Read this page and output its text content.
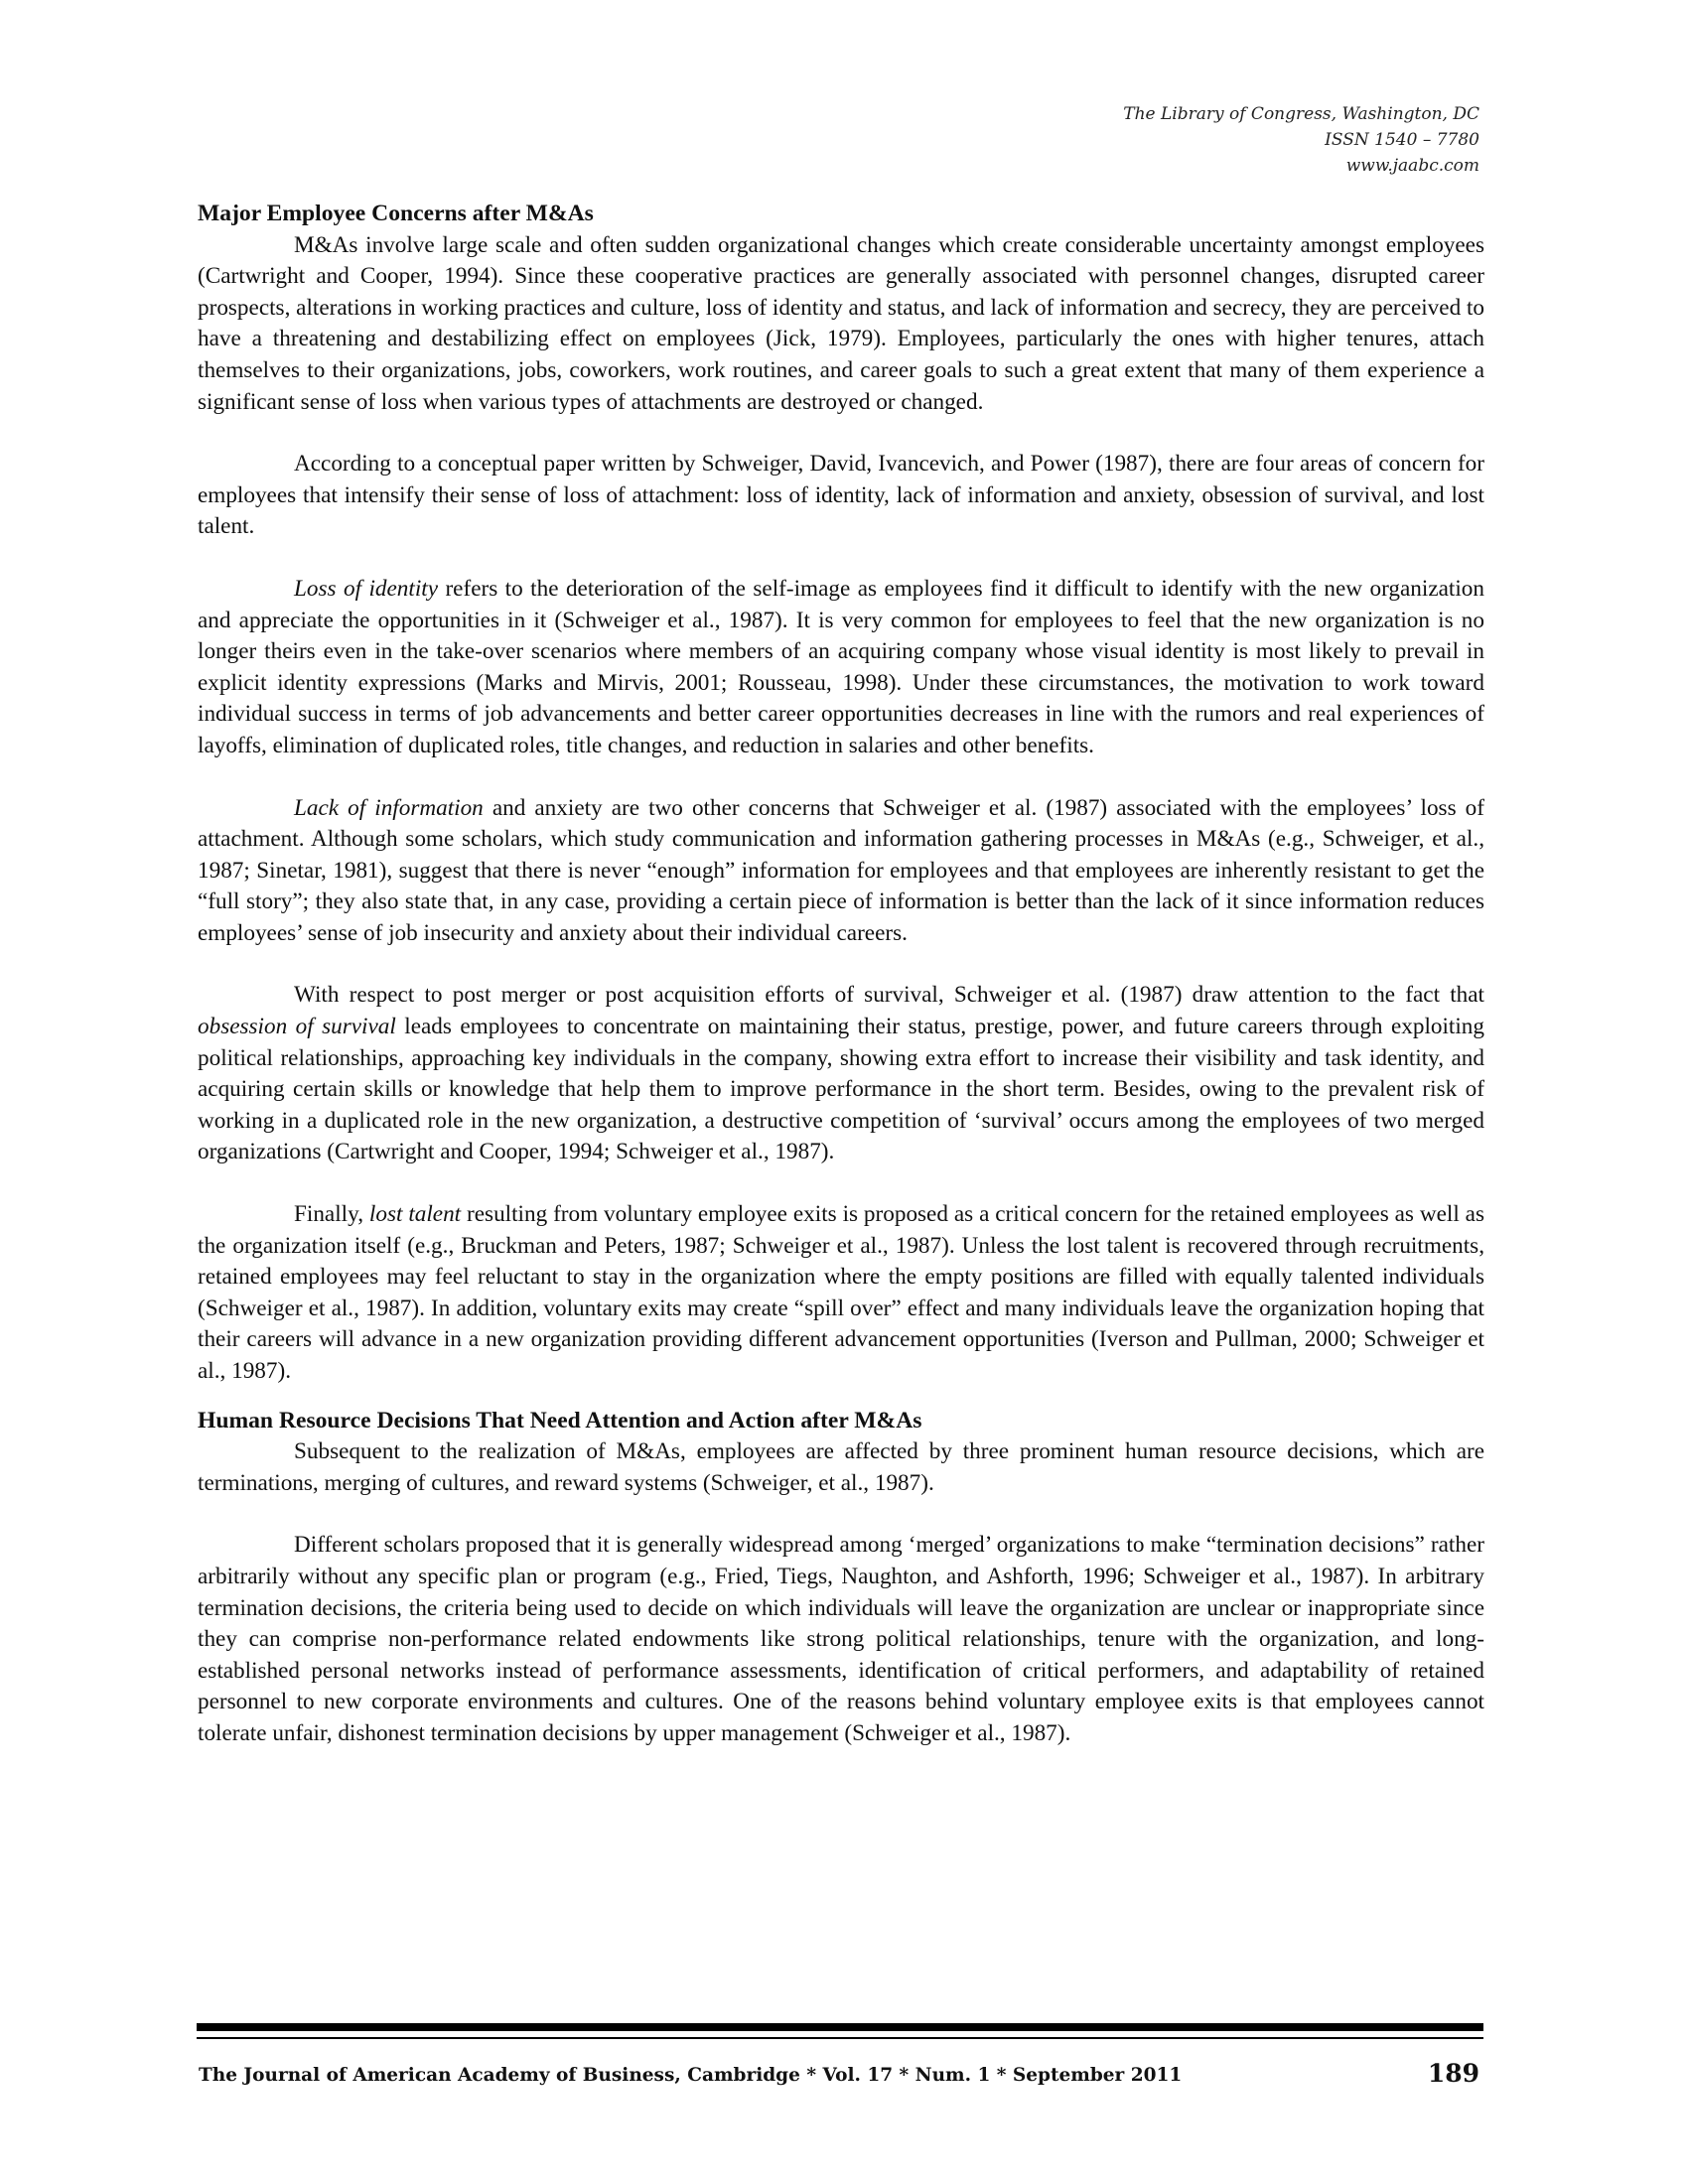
The Library of Congress, Washington, DC
ISSN 1540 – 7780
www.jaabc.com
Major Employee Concerns after M&As

M&As involve large scale and often sudden organizational changes which create considerable uncertainty amongst employees (Cartwright and Cooper, 1994). Since these cooperative practices are generally associated with personnel changes, disrupted career prospects, alterations in working practices and culture, loss of identity and status, and lack of information and secrecy, they are perceived to have a threatening and destabilizing effect on employees (Jick, 1979). Employees, particularly the ones with higher tenures, attach themselves to their organizations, jobs, coworkers, work routines, and career goals to such a great extent that many of them experience a significant sense of loss when various types of attachments are destroyed or changed.

According to a conceptual paper written by Schweiger, David, Ivancevich, and Power (1987), there are four areas of concern for employees that intensify their sense of loss of attachment: loss of identity, lack of information and anxiety, obsession of survival, and lost talent.

Loss of identity refers to the deterioration of the self-image as employees find it difficult to identify with the new organization and appreciate the opportunities in it (Schweiger et al., 1987). It is very common for employees to feel that the new organization is no longer theirs even in the take-over scenarios where members of an acquiring company whose visual identity is most likely to prevail in explicit identity expressions (Marks and Mirvis, 2001; Rousseau, 1998). Under these circumstances, the motivation to work toward individual success in terms of job advancements and better career opportunities decreases in line with the rumors and real experiences of layoffs, elimination of duplicated roles, title changes, and reduction in salaries and other benefits.

Lack of information and anxiety are two other concerns that Schweiger et al. (1987) associated with the employees’ loss of attachment. Although some scholars, which study communication and information gathering processes in M&As (e.g., Schweiger, et al., 1987; Sinetar, 1981), suggest that there is never “enough” information for employees and that employees are inherently resistant to get the “full story”; they also state that, in any case, providing a certain piece of information is better than the lack of it since information reduces employees’ sense of job insecurity and anxiety about their individual careers.

With respect to post merger or post acquisition efforts of survival, Schweiger et al. (1987) draw attention to the fact that obsession of survival leads employees to concentrate on maintaining their status, prestige, power, and future careers through exploiting political relationships, approaching key individuals in the company, showing extra effort to increase their visibility and task identity, and acquiring certain skills or knowledge that help them to improve performance in the short term. Besides, owing to the prevalent risk of working in a duplicated role in the new organization, a destructive competition of ‘survival’ occurs among the employees of two merged organizations (Cartwright and Cooper, 1994; Schweiger et al., 1987).

Finally, lost talent resulting from voluntary employee exits is proposed as a critical concern for the retained employees as well as the organization itself (e.g., Bruckman and Peters, 1987; Schweiger et al., 1987). Unless the lost talent is recovered through recruitments, retained employees may feel reluctant to stay in the organization where the empty positions are filled with equally talented individuals (Schweiger et al., 1987). In addition, voluntary exits may create “spill over” effect and many individuals leave the organization hoping that their careers will advance in a new organization providing different advancement opportunities (Iverson and Pullman, 2000; Schweiger et al., 1987).

Human Resource Decisions That Need Attention and Action after M&As

Subsequent to the realization of M&As, employees are affected by three prominent human resource decisions, which are terminations, merging of cultures, and reward systems (Schweiger, et al., 1987).

Different scholars proposed that it is generally widespread among ‘merged’ organizations to make “termination decisions” rather arbitrarily without any specific plan or program (e.g., Fried, Tiegs, Naughton, and Ashforth, 1996; Schweiger et al., 1987). In arbitrary termination decisions, the criteria being used to decide on which individuals will leave the organization are unclear or inappropriate since they can comprise non-performance related endowments like strong political relationships, tenure with the organization, and long-established personal networks instead of performance assessments, identification of critical performers, and adaptability of retained personnel to new corporate environments and cultures. One of the reasons behind voluntary employee exits is that employees cannot tolerate unfair, dishonest termination decisions by upper management (Schweiger et al., 1987).

The Journal of American Academy of Business, Cambridge * Vol. 17 * Num. 1 * September 2011	189
